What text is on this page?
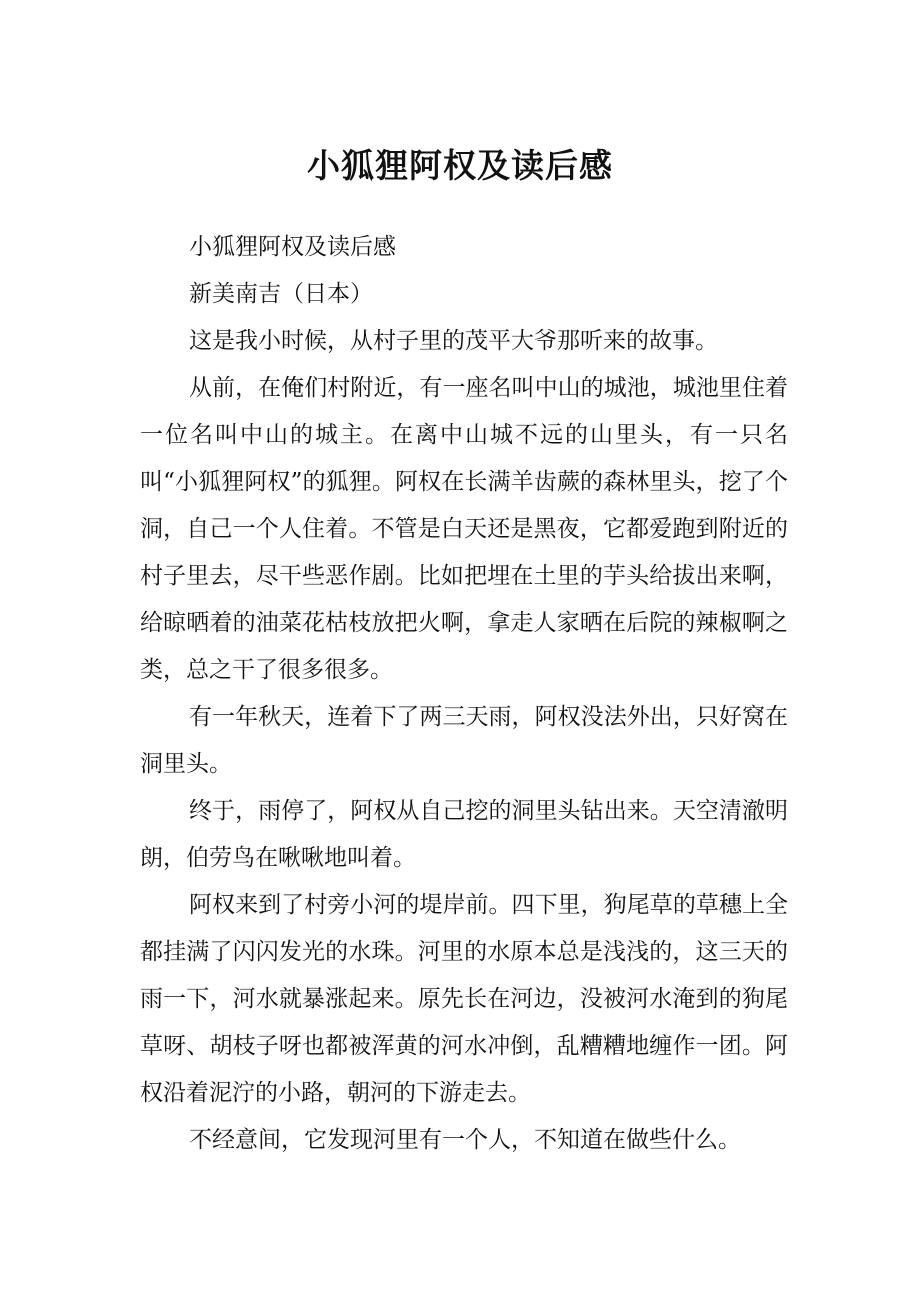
小狐狸阿权及读后感

小狐狸阿权及读后感

新美南吉（日本）

这是我小时候，从村子里的茂平大爷那听来的故事。

从前，在俺们村附近，有一座名叫中山的城池，城池里住着一位名叫中山的城主。在离中山城不远的山里头，有一只名叫“小狐狸阿权”的狐狸。阿权在长满羊齿蕨的森林里头，挖了个洞，自己一个人住着。不管是白天还是黑夜，它都爱跑到附近的村子里去，尽干些恶作剧。比如把埋在土里的芋头给拔出来啊，给晾晒着的油菜花枯枝放把火啊，拿走人家晒在后院的辣椒啊之类，总之干了很多很多。

有一年秋天，连着下了两三天雨，阿权没法外出，只好窝在洞里头。

终于，雨停了，阿权从自己挖的洞里头钻出来。天空清澈明朗，伯劳鸟在啾啾地叫着。

阿权来到了村旁小河的堤岸前。四下里，狗尾草的草穗上全都挂满了闪闪发光的水珠。河里的水原本总是浅浅的，这三天的雨一下，河水就暴涨起来。原先长在河边，没被河水淹到的狗尾草呀、胡枝子呀也都被浑黄的河水冲倒，乱糟糟地缠作一团。阿权沿着泥泞的小路，朝河的下游走去。

不经意间，它发现河里有一个人，不知道在做些什么。
